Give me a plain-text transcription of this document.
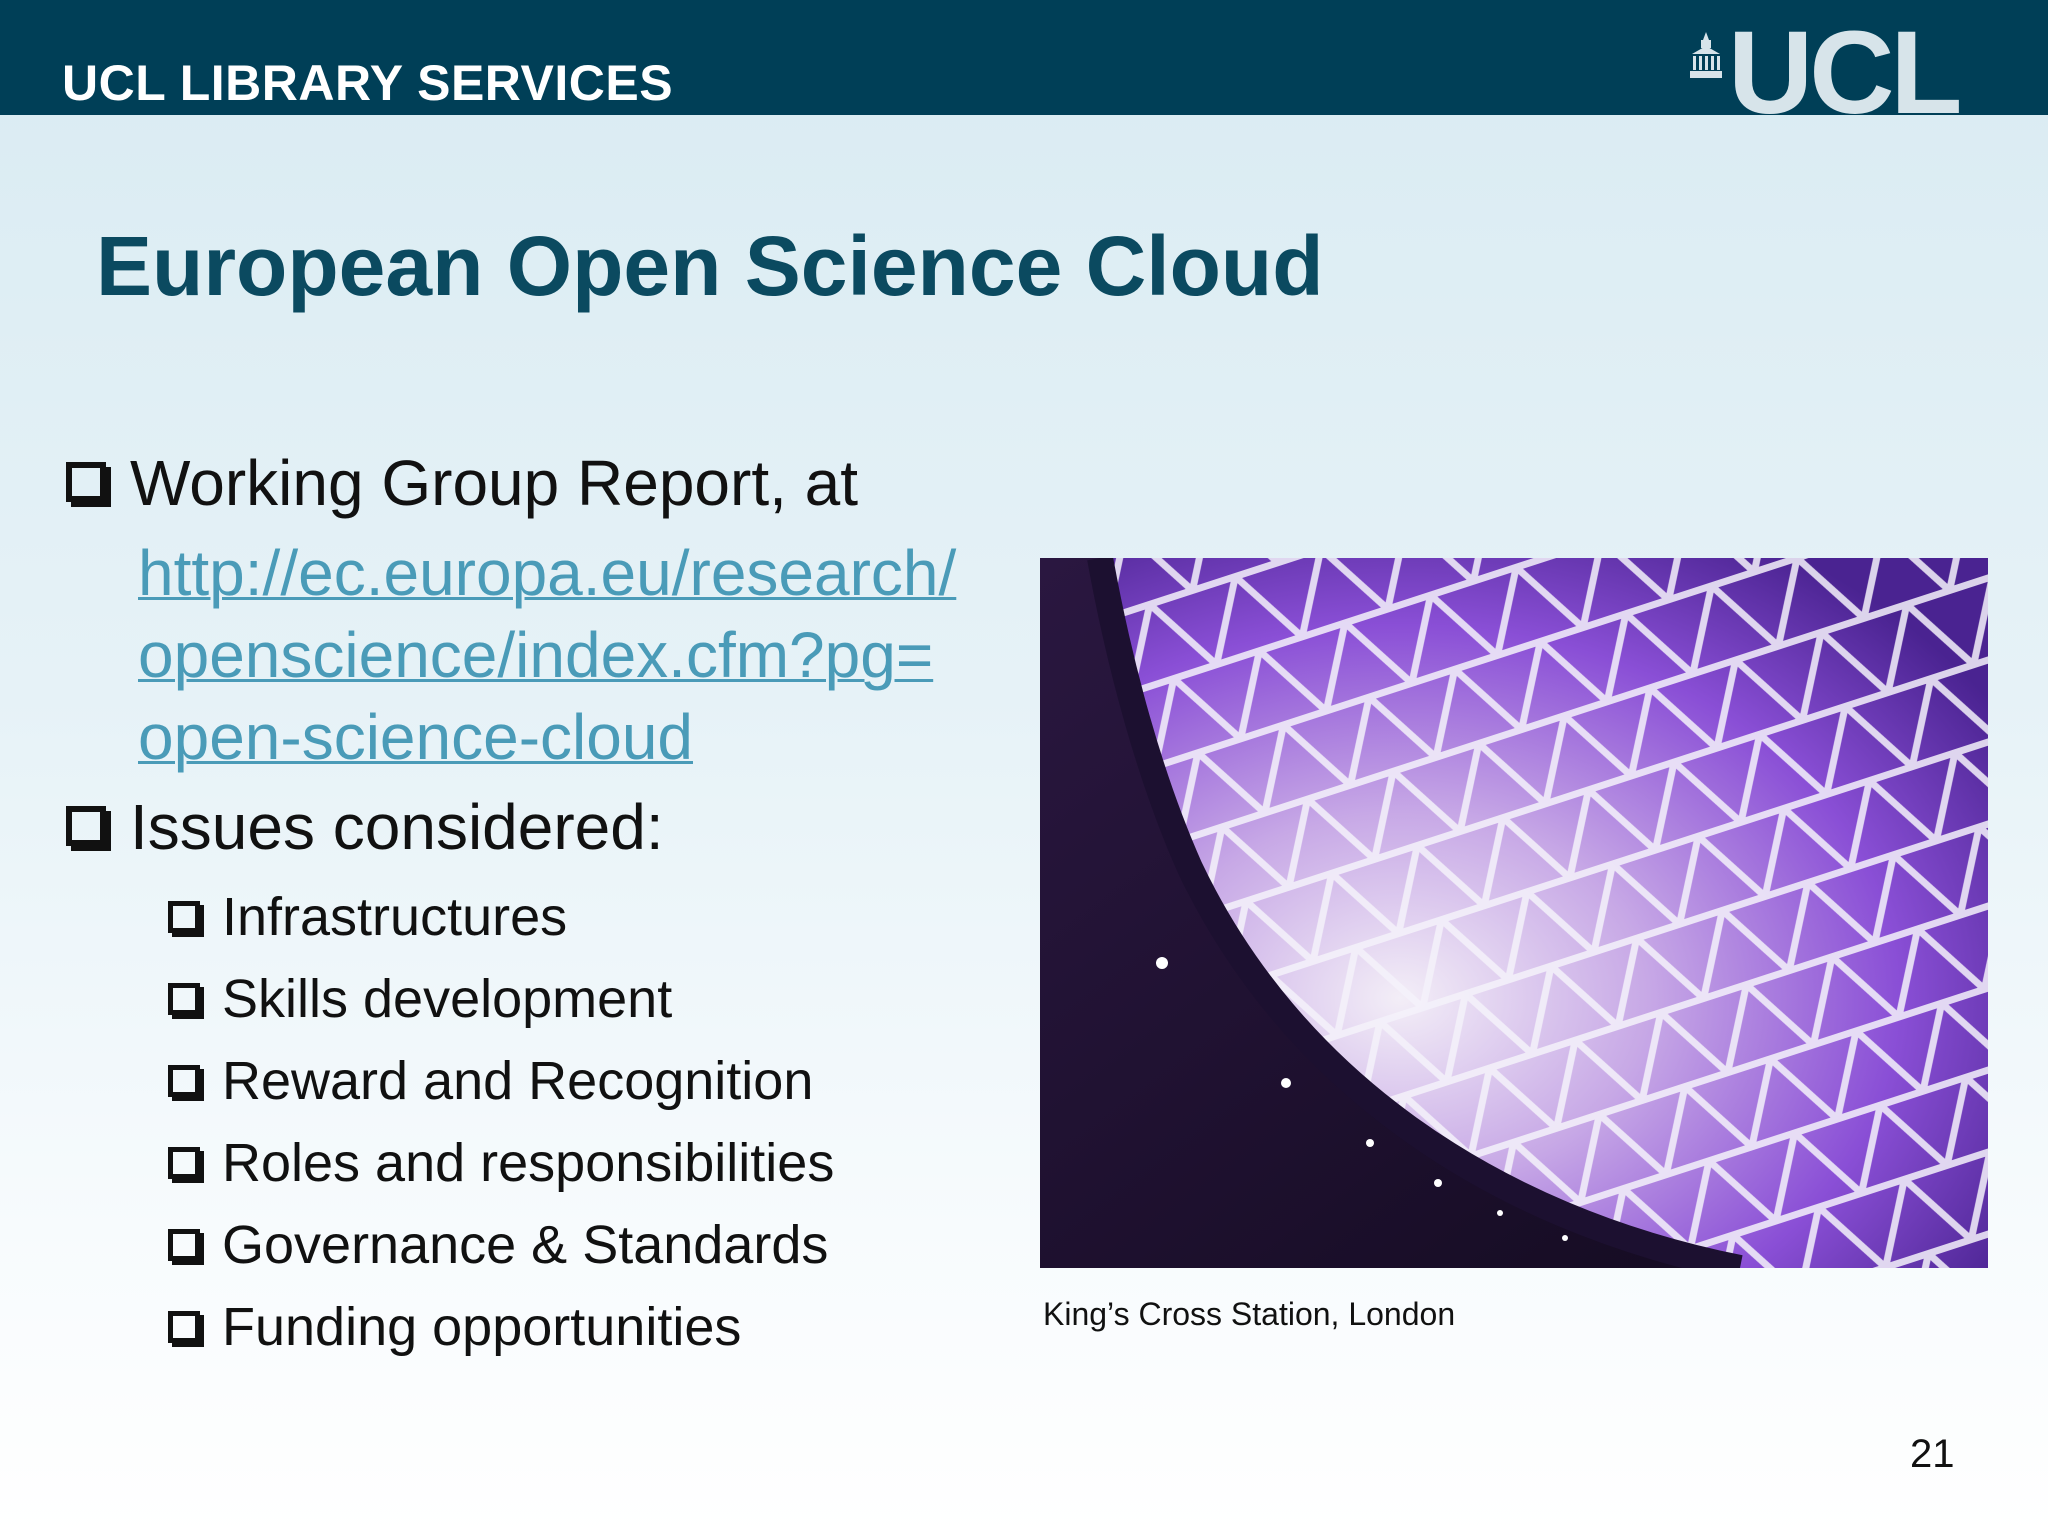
UCL LIBRARY SERVICES	UCL
European Open Science Cloud
Working Group Report, at
http://ec.europa.eu/research/
openscience/index.cfm?pg=
open-science-cloud
Issues considered:
Infrastructures
Skills development
Reward and Recognition
Roles and responsibilities
Governance & Standards
Funding opportunities	King’s Cross Station, London
21
